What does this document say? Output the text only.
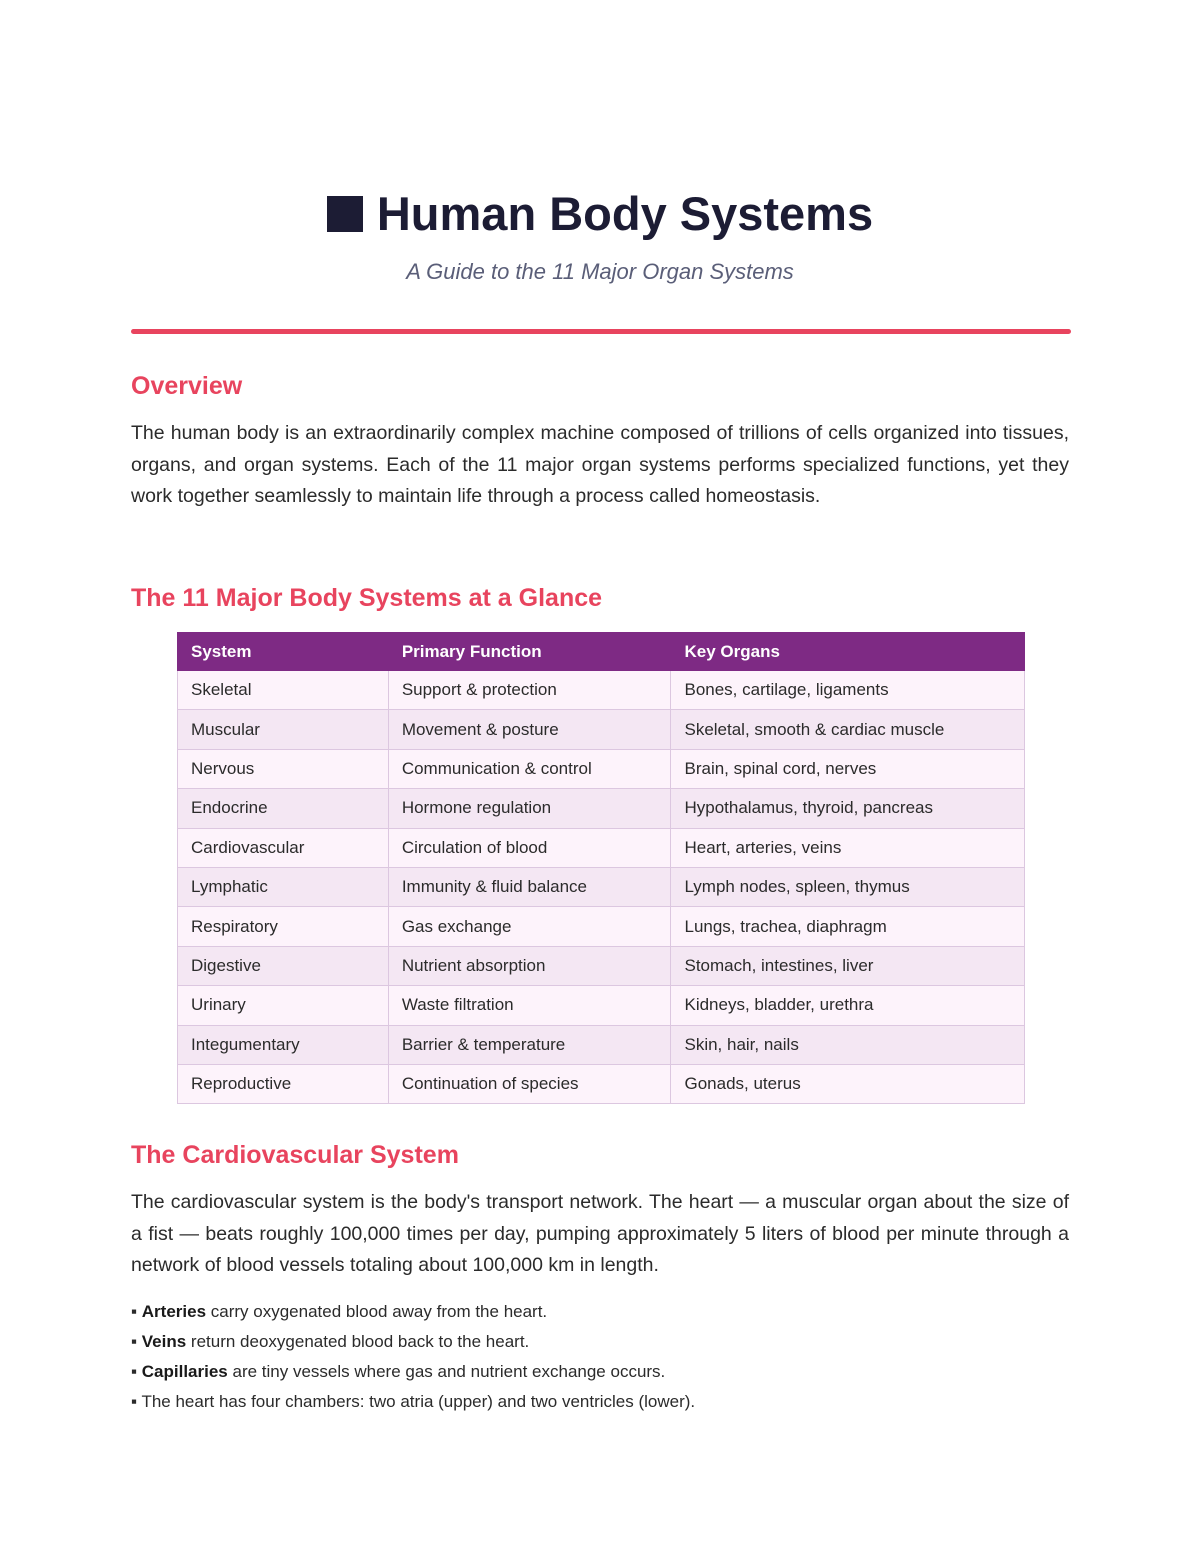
Human Body Systems
A Guide to the 11 Major Organ Systems
Overview

The human body is an extraordinarily complex machine composed of trillions of cells organized into tissues, organs, and organ systems. Each of the 11 major organ systems performs specialized functions, yet they work together seamlessly to maintain life through a process called homeostasis.

The 11 Major Body Systems at a Glance
System	Primary Function	Key Organs
Skeletal	Support & protection	Bones, cartilage, ligaments
Muscular	Movement & posture	Skeletal, smooth & cardiac muscle
Nervous	Communication & control	Brain, spinal cord, nerves
Endocrine	Hormone regulation	Hypothalamus, thyroid, pancreas
Cardiovascular	Circulation of blood	Heart, arteries, veins
Lymphatic	Immunity & fluid balance	Lymph nodes, spleen, thymus
Respiratory	Gas exchange	Lungs, trachea, diaphragm
Digestive	Nutrient absorption	Stomach, intestines, liver
Urinary	Waste filtration	Kidneys, bladder, urethra
Integumentary	Barrier & temperature	Skin, hair, nails
Reproductive	Continuation of species	Gonads, uterus
The Cardiovascular System

The cardiovascular system is the body's transport network. The heart — a muscular organ about the size of a fist — beats roughly 100,000 times per day, pumping approximately 5 liters of blood per minute through a network of blood vessels totaling about 100,000 km in length.

▪ Arteries carry oxygenated blood away from the heart.
▪ Veins return deoxygenated blood back to the heart.
▪ Capillaries are tiny vessels where gas and nutrient exchange occurs.
▪ The heart has four chambers: two atria (upper) and two ventricles (lower).
